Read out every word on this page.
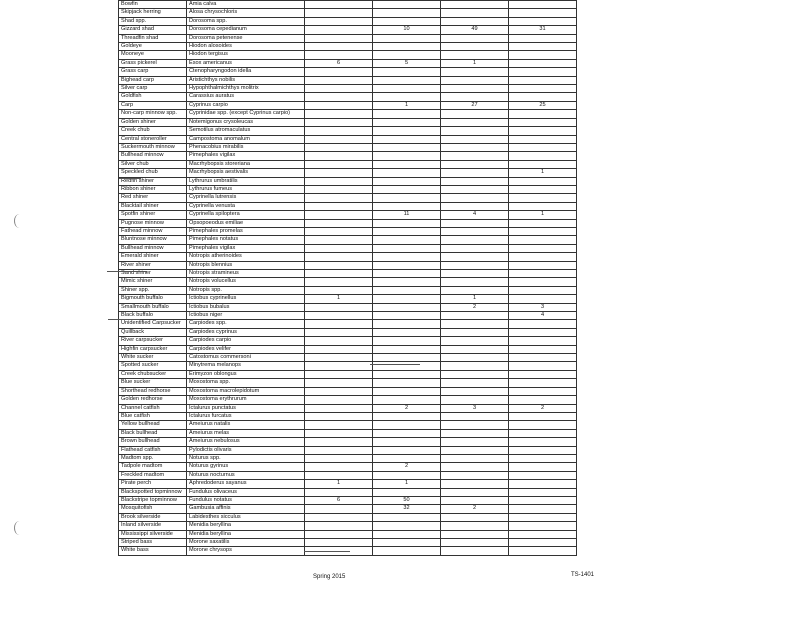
Bowfin	Amia calva				
Skipjack herring	Alosa chrysochloris				
Shad spp.	Dorosoma spp.				
Gizzard shad	Dorosoma cepedianum		10	49	31
Threadfin shad	Dorosoma petenense				
Goldeye	Hiodon alosoides				
Mooneye	Hiodon tergisus				
Grass pickerel	Esox americanus	6	5	1	
Grass carp	Ctenopharyngodon idella				
Bighead carp	Aristichthys nobilis				
Silver carp	Hypophthalmichthys molitrix				
Goldfish	Carassius auratus				
Carp	Cyprinus carpio		1	27	25
Non-carp minnow spp.	Cyprinidae spp. (except Cyprinus carpio)				
Golden shiner	Notemigonus crysoleucas				
Creek chub	Semotilus atromaculatus				
Central stoneroller	Campostoma anomalum				
Suckermouth minnow	Phenacobius mirabilis				
Bullhead minnow	Pimephales vigilax				
Silver chub	Macrhybopsis storeriana				
Speckled chub	Macrhybopsis aestivalis				1
Redfin shiner	Lythrurus umbratilis				
Ribbon shiner	Lythrurus fumeus				
Red shiner	Cyprinella lutrensis				
Blacktail shiner	Cyprinella venusta				
Spotfin shiner	Cyprinella spiloptera		11	4	1
Pugnose minnow	Opsopoeodus emiliae				
Fathead minnow	Pimephales promelas				
Bluntnose minnow	Pimephales notatus				
Bullhead minnow	Pimephales vigilax				
Emerald shiner	Notropis atherinoides				
River shiner	Notropis blennius				
Sand shiner	Notropis stramineus				
Mimic shiner	Notropis volucellus				
Shiner spp.	Notropis spp.				
Bigmouth buffalo	Ictiobus cyprinellus	1		1	
Smallmouth buffalo	Ictiobus bubalus			2	3
Black buffalo	Ictiobus niger				4
Unidentified Carpsucker	Carpiodes spp.				
Quillback	Carpiodes cyprinus				
River carpsucker	Carpiodes carpio				
Highfin carpsucker	Carpiodes velifer				
White sucker	Catostomus commersoni				
Spotted sucker	Minytrema melanops				
Creek chubsucker	Erimyzon oblongus				
Blue sucker	Moxostoma spp.				
Shorthead redhorse	Moxostoma macrolepidotum				
Golden redhorse	Moxostoma erythrurum				
Channel catfish	Ictalurus punctatus		2	3	2
Blue catfish	Ictalurus furcatus				
Yellow bullhead	Ameiurus natalis				
Black bullhead	Ameiurus melas				
Brown bullhead	Ameiurus nebulosus				
Flathead catfish	Pylodictis olivaris				
Madtom spp.	Noturus spp.				
Tadpole madtom	Noturus gyrinus		2		
Freckled madtom	Noturus nocturnus				
Pirate perch	Aphredoderus sayanus	1	1		
Blackspotted topminnow	Fundulus olivaceus				
Blackstripe topminnow	Fundulus notatus	6	50		
Mosquitofish	Gambusia affinis		32	2	
Brook silverside	Labidesthes sicculus				
Inland silverside	Menidia beryllina				
Mississippi silverside	Menidia beryllina				
Striped bass	Morone saxatilis				
White bass	Morone chrysops				
Spring 2015	TS-1401
